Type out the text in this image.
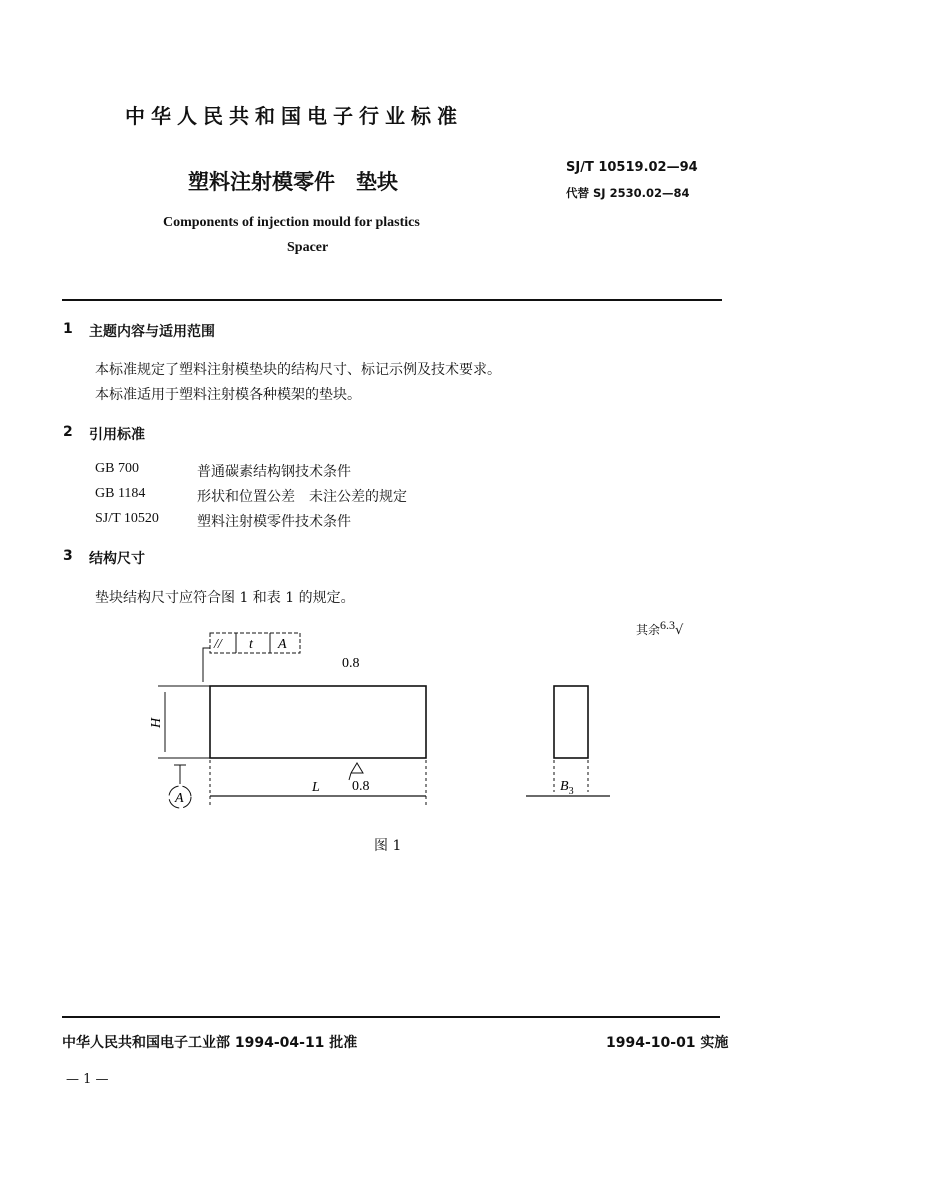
中华人民共和国电子行业标准
塑料注射模零件　垫块
SJ/T 10519.02—94
代替 SJ 2530.02—84
Components of injection mould for plastics
Spacer
1 主题内容与适用范围
本标准规定了塑料注射模垫块的结构尺寸、标记示例及技术要求。
本标准适用于塑料注射模各种模架的垫块。
2 引用标准
GB 700	普通碳素结构钢技术条件
GB 1184	形状和位置公差　未注公差的规定
SJ/T 10520	塑料注射模零件技术条件
3 结构尺寸
垫块结构尺寸应符合图 1 和表 1 的规定。
其余$^{6.3}$√
// t A
0.8
H
A
L 0.8	$B_3$
图 1
中华人民共和国电子工业部 1994-04-11 批准	1994-10-01 实施
— 1 —
